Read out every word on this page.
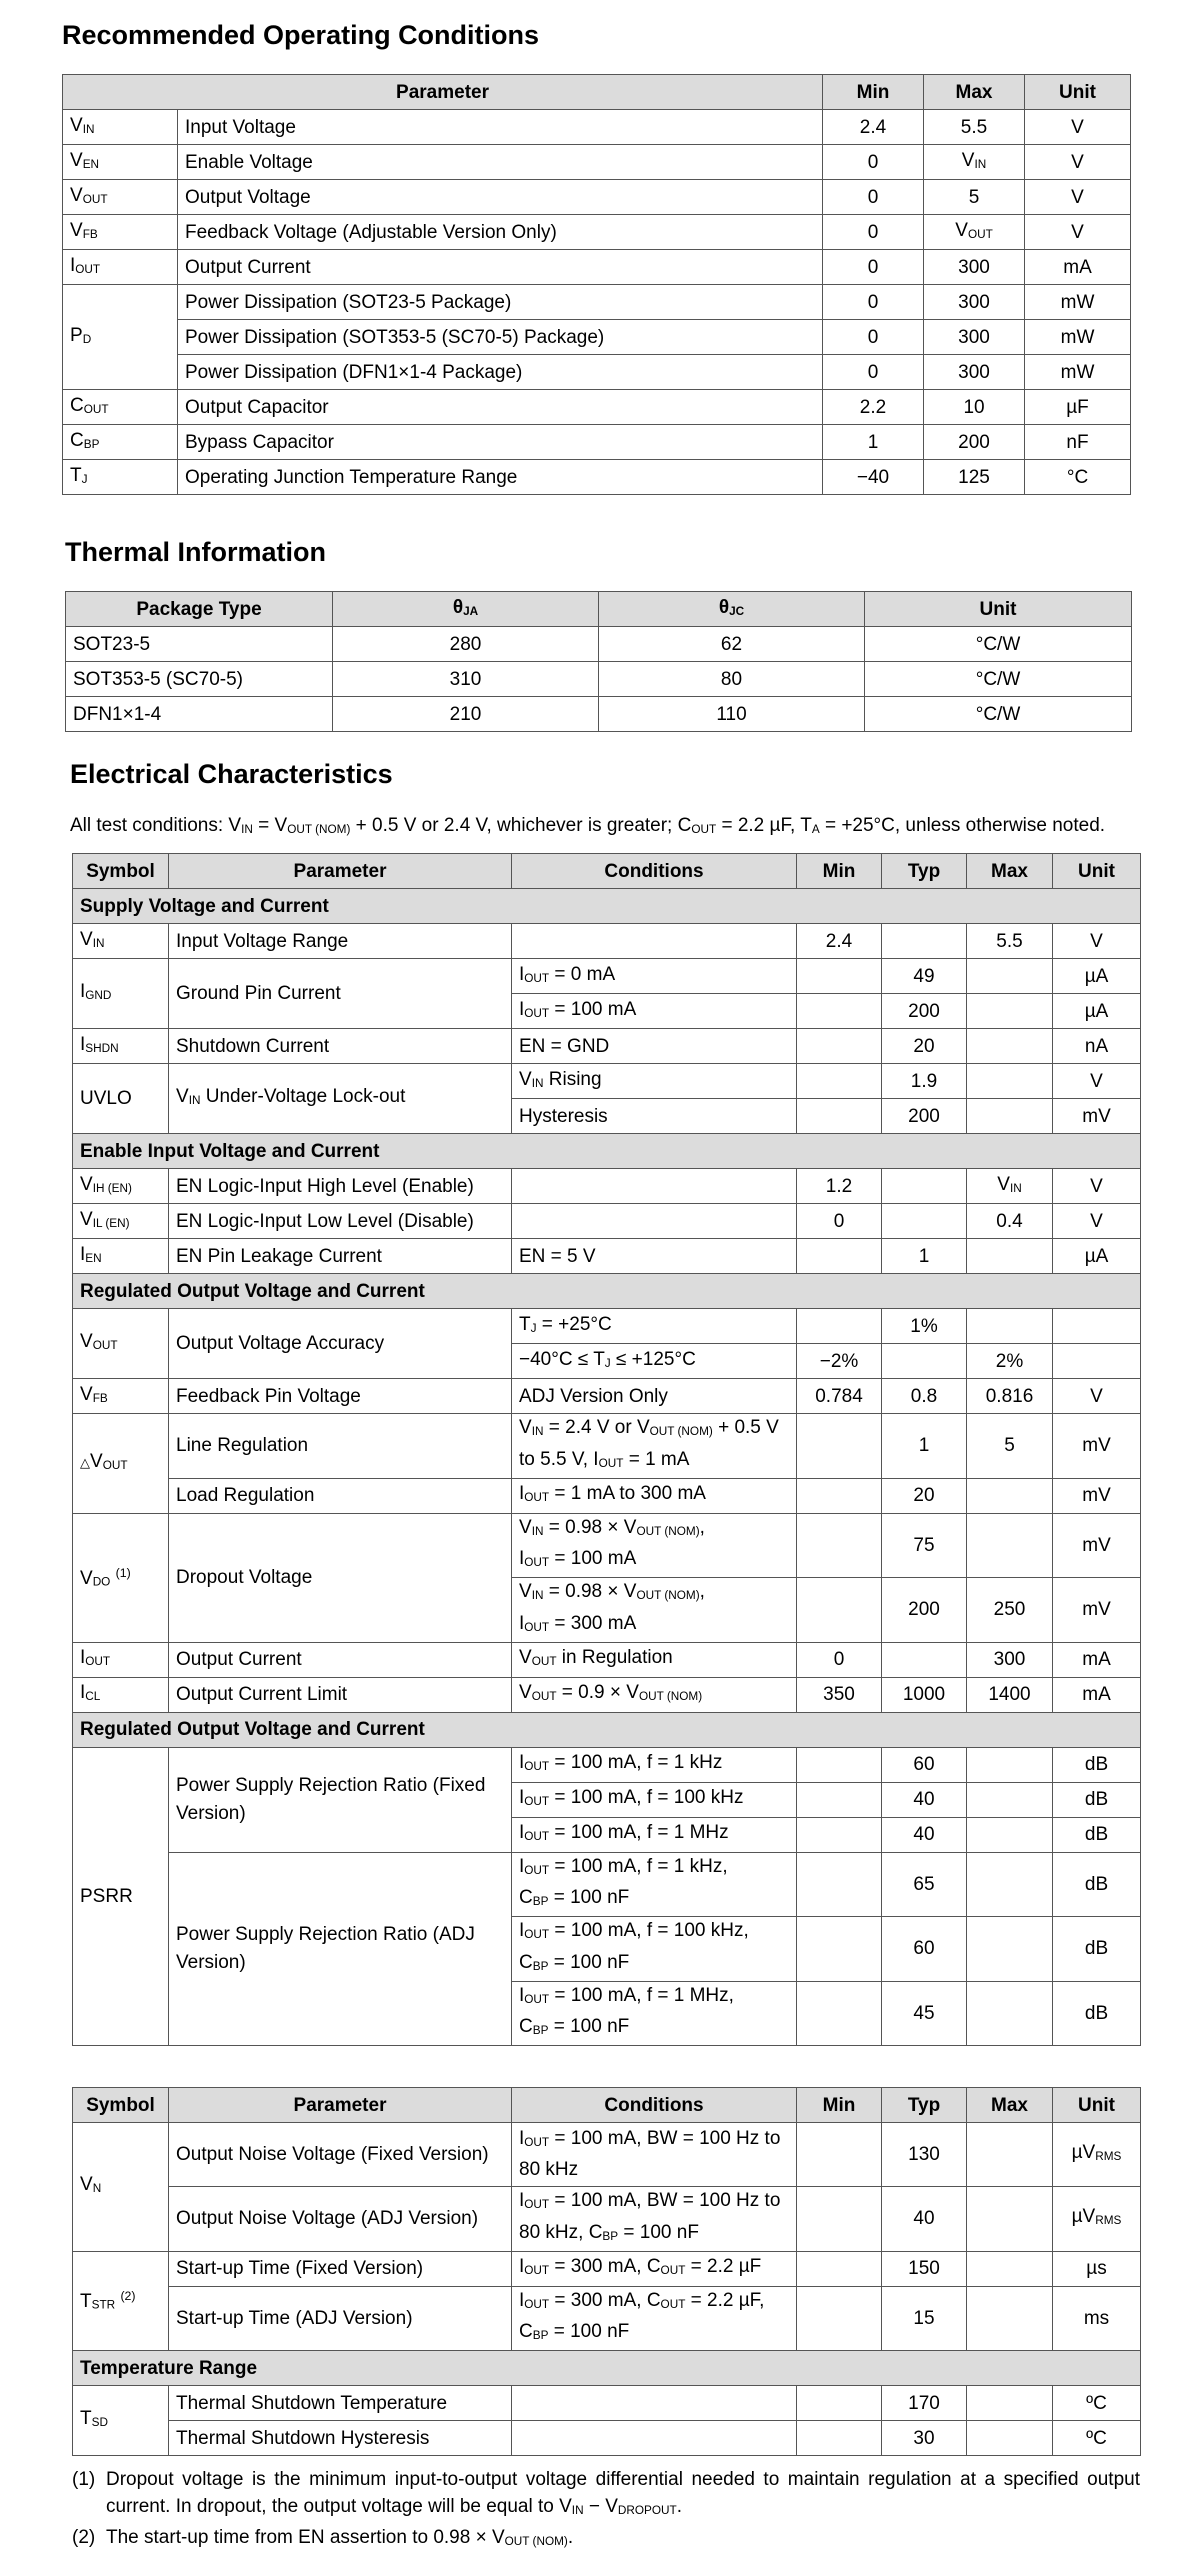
Recommended Operating Conditions
Parameter		Min	Max	Unit
$V_{IN}$	Input Voltage	2.4	5.5	V
$V_{EN}$	Enable Voltage	0	$V_{IN}$	V
$V_{OUT}$	Output Voltage	0	5	V
$V_{FB}$	Feedback Voltage (Adjustable Version Only)	0	$V_{OUT}$	V
$I_{OUT}$	Output Current	0	300	mA
$P_D$	Power Dissipation (SOT23-5 Package)	0	300	mW
	Power Dissipation (SOT353-5 (SC70-5) Package)	0	300	mW
	Power Dissipation (DFN1×1-4 Package)	0	300	mW
$C_{OUT}$	Output Capacitor	2.2	10	µF
$C_{BP}$	Bypass Capacitor	1	200	nF
$T_J$	Operating Junction Temperature Range	−40	125	°C
Thermal Information
Package Type	$\theta_{JA}$	$\theta_{JC}$	Unit
SOT23-5	280	62	°C/W
SOT353-5 (SC70-5)	310	80	°C/W
DFN1×1-4	210	110	°C/W
Electrical Characteristics

All test conditions: $V_{IN} = V_{OUT (NOM)} + 0.5$ V or 2.4 V, whichever is greater; $C_{OUT} = 2.2$ µF, $T_A = +25^\circ C$, unless otherwise noted.

Symbol	Parameter	Conditions	Min	Typ	Max	Unit
Supply Voltage and Current						
$V_{IN}$	Input Voltage Range		2.4		5.5	V
$I_{GND}$	Ground Pin Current	$I_{OUT} = 0$ mA		49		µA
		$I_{OUT} = 100$ mA		200		µA
$I_{SHDN}$	Shutdown Current	EN = GND		20		nA
UVLO	$V_{IN}$ Under-Voltage Lock-out	$V_{IN}$ Rising		1.9		V
		Hysteresis		200		mV
Enable Input Voltage and Current						
$V_{IH (EN)}$	EN Logic-Input High Level (Enable)		1.2		$V_{IN}$	V
$V_{IL (EN)}$	EN Logic-Input Low Level (Disable)		0		0.4	V
$I_{EN}$	EN Pin Leakage Current	EN = 5 V		1		µA
Regulated Output Voltage and Current						
$V_{OUT}$	Output Voltage Accuracy	$T_J = +25^\circ C$		1%		
		$-40^\circ C \le T_J \le +125^\circ C$	−2%		2%	
$V_{FB}$	Feedback Pin Voltage	ADJ Version Only	0.784	0.8	0.816	V
$\triangle V_{OUT}$	Line Regulation	$V_{IN} = 2.4$ V or $V_{OUT (NOM)} + 0.5$ V
to 5.5 V, $I_{OUT} = 1$ mA		1	5	mV
	Load Regulation	$I_{OUT} = 1$ mA to 300 mA		20		mV
$V_{DO}$ $^{(1)}$	Dropout Voltage	$V_{IN} = 0.98 \times V_{OUT (NOM)}$,
$I_{OUT} = 100$ mA		75		mV
		$V_{IN} = 0.98 \times V_{OUT (NOM)}$,
$I_{OUT} = 300$ mA		200	250	mV
$I_{OUT}$	Output Current	$V_{OUT}$ in Regulation	0		300	mA
$I_{CL}$	Output Current Limit	$V_{OUT} = 0.9 \times V_{OUT (NOM)}$	350	1000	1400	mA
Regulated Output Voltage and Current						
PSRR	Power Supply Rejection Ratio (Fixed Version)	$I_{OUT} = 100$ mA, f = 1 kHz		60		dB
		$I_{OUT} = 100$ mA, f = 100 kHz		40		dB
		$I_{OUT} = 100$ mA, f = 1 MHz		40		dB
	Power Supply Rejection Ratio (ADJ Version)	$I_{OUT} = 100$ mA, f = 1 kHz,
$C_{BP} = 100$ nF		65		dB
		$I_{OUT} = 100$ mA, f = 100 kHz,
$C_{BP} = 100$ nF		60		dB
		$I_{OUT} = 100$ mA, f = 1 MHz,
$C_{BP} = 100$ nF		45		dB
Symbol	Parameter	Conditions	Min	Typ	Max	Unit
$V_N$	Output Noise Voltage (Fixed Version)	$I_{OUT} = 100$ mA, BW = 100 Hz to
80 kHz		130		µV$_{RMS}$
	Output Noise Voltage (ADJ Version)	$I_{OUT} = 100$ mA, BW = 100 Hz to
80 kHz, $C_{BP} = 100$ nF		40		µV$_{RMS}$
$T_{STR}$ $^{(2)}$	Start-up Time (Fixed Version)	$I_{OUT} = 300$ mA, $C_{OUT} = 2.2$ µF		150		µs
	Start-up Time (ADJ Version)	$I_{OUT} = 300$ mA, $C_{OUT} = 2.2$ µF,
$C_{BP} = 100$ nF		15		ms
Temperature Range						
$T_{SD}$	Thermal Shutdown Temperature			170		ºC
	Thermal Shutdown Hysteresis			30		ºC
(1) Dropout voltage is the minimum input-to-output voltage differential needed to maintain regulation at a specified output current. In dropout, the output voltage will be equal to $V_{IN} - V_{DROPOUT}$.
(2) The start-up time from EN assertion to $0.98 \times V_{OUT (NOM)}$.
